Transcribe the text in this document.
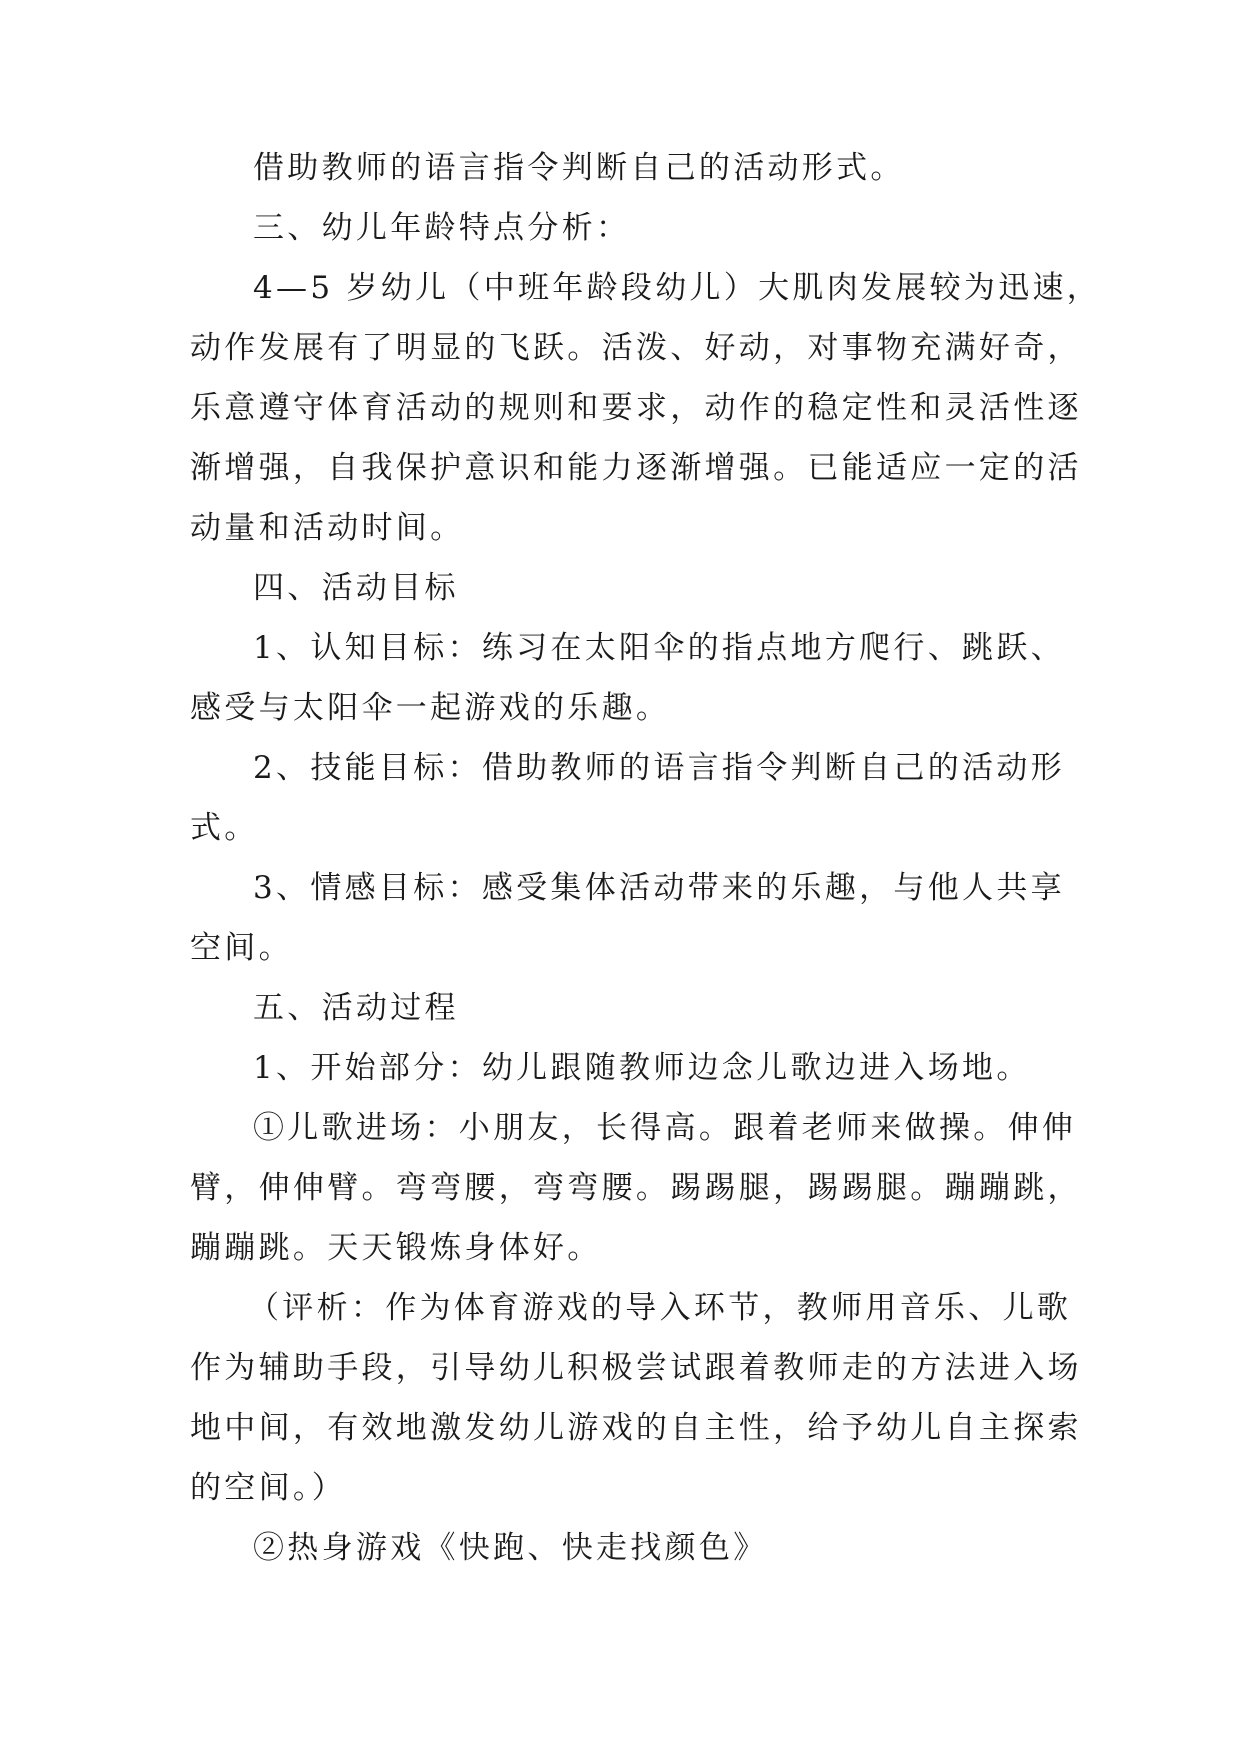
借助教师的语言指令判断自己的活动形式。

三、幼儿年龄特点分析：

4—5 岁幼儿（中班年龄段幼儿）大肌肉发展较为迅速，

动作发展有了明显的飞跃。活泼、好动，对事物充满好奇，

乐意遵守体育活动的规则和要求，动作的稳定性和灵活性逐

渐增强，自我保护意识和能力逐渐增强。已能适应一定的活

动量和活动时间。

四、活动目标

1、认知目标：练习在太阳伞的指点地方爬行、跳跃、

感受与太阳伞一起游戏的乐趣。

2、技能目标：借助教师的语言指令判断自己的活动形

式。

3、情感目标：感受集体活动带来的乐趣，与他人共享

空间。

五、活动过程

1、开始部分：幼儿跟随教师边念儿歌边进入场地。

①儿歌进场：小朋友，长得高。跟着老师来做操。伸伸

臂，伸伸臂。弯弯腰，弯弯腰。踢踢腿，踢踢腿。蹦蹦跳，

蹦蹦跳。天天锻炼身体好。

（评析：作为体育游戏的导入环节，教师用音乐、儿歌

作为辅助手段，引导幼儿积极尝试跟着教师走的方法进入场

地中间，有效地激发幼儿游戏的自主性，给予幼儿自主探索

的空间。）

②热身游戏《快跑、快走找颜色》
